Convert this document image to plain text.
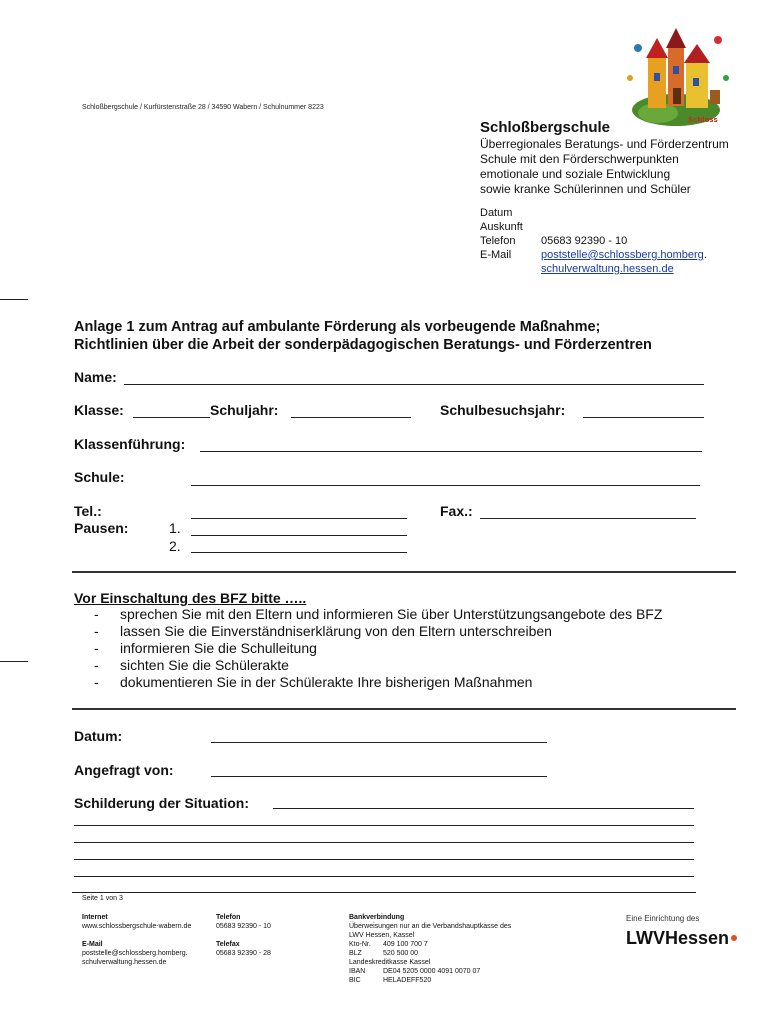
Schloss
Schloßbergschule / Kurfürstenstraße 28 / 34590 Wabern / Schulnummer 8223
Schloßbergschule
Überregionales Beratungs- und Förderzentrum
Schule mit den Förderschwerpunkten
emotionale und soziale Entwicklung
sowie kranke Schülerinnen und Schüler
Datum
Auskunft
Telefon	05683 92390 - 10
E-Mail	poststelle@schlossberg.homberg.
schulverwaltung.hessen.de
Anlage 1 zum Antrag auf ambulante Förderung als vorbeugende Maßnahme;
Richtlinien über die Arbeit der sonderpädagogischen Beratungs- und Förderzentren
Name:
Klasse:	Schuljahr:	Schulbesuchsjahr:
Klassenführung:
Schule:
Tel.:	Fax.:
Pausen:	1.
2.
Vor Einschaltung des BFZ bitte …..
-	sprechen Sie mit den Eltern und informieren Sie über Unterstützungsangebote des BFZ
-	lassen Sie die Einverständniserklärung von den Eltern unterschreiben
-	informieren Sie die Schulleitung
-	sichten Sie die Schülerakte
-	dokumentieren Sie in der Schülerakte Ihre bisherigen Maßnahmen
Datum:
Angefragt von:
Schilderung der Situation:
Seite 1 von 3
Internet
www.schlossbergschule-wabern.de
E-Mail
poststelle@schlossberg.homberg.
schulverwaltung.hessen.de
Telefon
05683 92390 - 10
Telefax
05683 92390 - 28
Bankverbindung
Überweisungen nur an die Verbandshauptkasse des
LWV Hessen, Kassel
Kto-Nr.	409 100 700 7
BLZ	520 500 00
Landeskreditkasse Kassel
IBAN	DE04 5205 0000 4091 0070 07
BIC	HELADEFF520
Eine Einrichtung des
LWVHessen
